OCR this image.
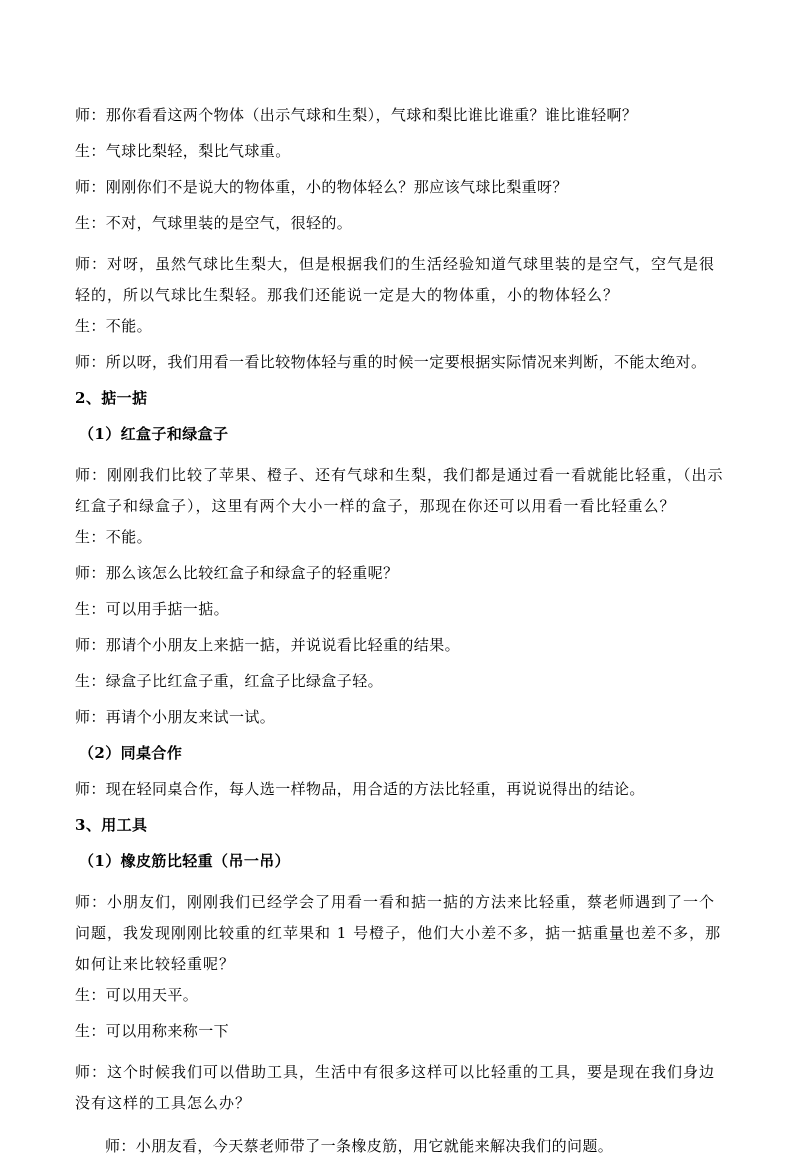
师：那你看看这两个物体（出示气球和生梨），气球和梨比谁比谁重？谁比谁轻啊？
生：气球比梨轻，梨比气球重。
师：刚刚你们不是说大的物体重，小的物体轻么？那应该气球比梨重呀？
生：不对，气球里装的是空气，很轻的。
师：对呀，虽然气球比生梨大，但是根据我们的生活经验知道气球里装的是空气，空气是很轻的，所以气球比生梨轻。那我们还能说一定是大的物体重，小的物体轻么？
生：不能。
师：所以呀，我们用看一看比较物体轻与重的时候一定要根据实际情况来判断，不能太绝对。
2、掂一掂
（1）红盒子和绿盒子
师：刚刚我们比较了苹果、橙子、还有气球和生梨，我们都是通过看一看就能比轻重，（出示红盒子和绿盒子），这里有两个大小一样的盒子，那现在你还可以用看一看比轻重么？
生：不能。
师：那么该怎么比较红盒子和绿盒子的轻重呢？
生：可以用手掂一掂。
师：那请个小朋友上来掂一掂，并说说看比轻重的结果。
生：绿盒子比红盒子重，红盒子比绿盒子轻。
师：再请个小朋友来试一试。
（2）同桌合作
师：现在轻同桌合作，每人选一样物品，用合适的方法比轻重，再说说得出的结论。
3、用工具
（1）橡皮筋比轻重（吊一吊）
师：小朋友们，刚刚我们已经学会了用看一看和掂一掂的方法来比轻重，蔡老师遇到了一个问题，我发现刚刚比较重的红苹果和 1 号橙子，他们大小差不多，掂一掂重量也差不多，那如何让来比较轻重呢？
生：可以用天平。
生：可以用称来称一下
师：这个时候我们可以借助工具，生活中有很多这样可以比轻重的工具，要是现在我们身边没有这样的工具怎么办？
师：小朋友看，今天蔡老师带了一条橡皮筋，用它就能来解决我们的问题。
